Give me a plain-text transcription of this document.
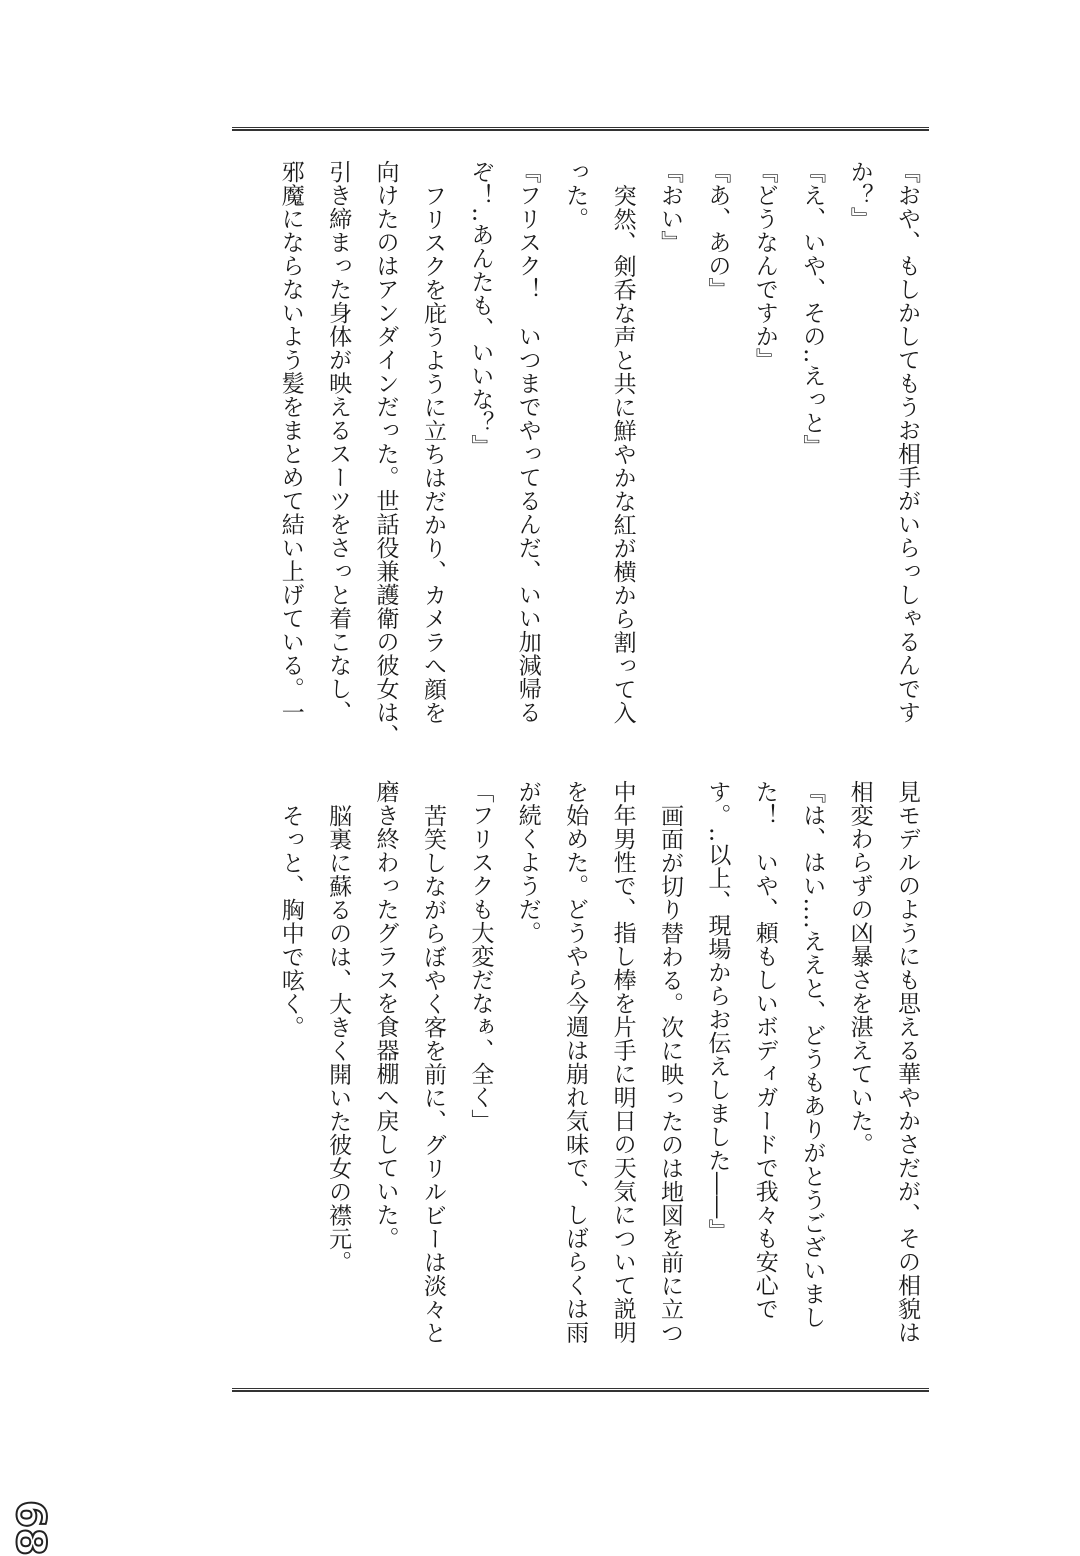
『おや、もしかしてもうお相手がいらっしゃるんです
か？』
『え、いや、その‥えっと』
『どうなんですか』
『あ、あの』
『おい』
突然、剣呑な声と共に鮮やかな紅が横から割って入
った。
『フリスク！　いつまでやってるんだ、いい加減帰る
ぞ！‥あんたも、いいな？』
フリスクを庇うように立ちはだかり、カメラへ顔を
向けたのはアンダインだった。世話役兼護衛の彼女は、
引き締まった身体が映えるスーツをさっと着こなし、
邪魔にならないよう髪をまとめて結い上げている。一
見モデルのようにも思える華やかさだが、その相貌は
相変わらずの凶暴さを湛えていた。
『は、はい‥‥ええと、どうもありがとうございまし
た！　いや、頼もしいボディガードで我々も安心で
す。‥以上、現場からお伝えしました――』
画面が切り替わる。次に映ったのは地図を前に立つ
中年男性で、指し棒を片手に明日の天気について説明
を始めた。どうやら今週は崩れ気味で、しばらくは雨
が続くようだ。
「フリスクも大変だなぁ、全く」
苦笑しながらぼやく客を前に、グリルビーは淡々と
磨き終わったグラスを食器棚へ戻していた。
脳裏に蘇るのは、大きく開いた彼女の襟元。
そっと、胸中で呟く。
68
